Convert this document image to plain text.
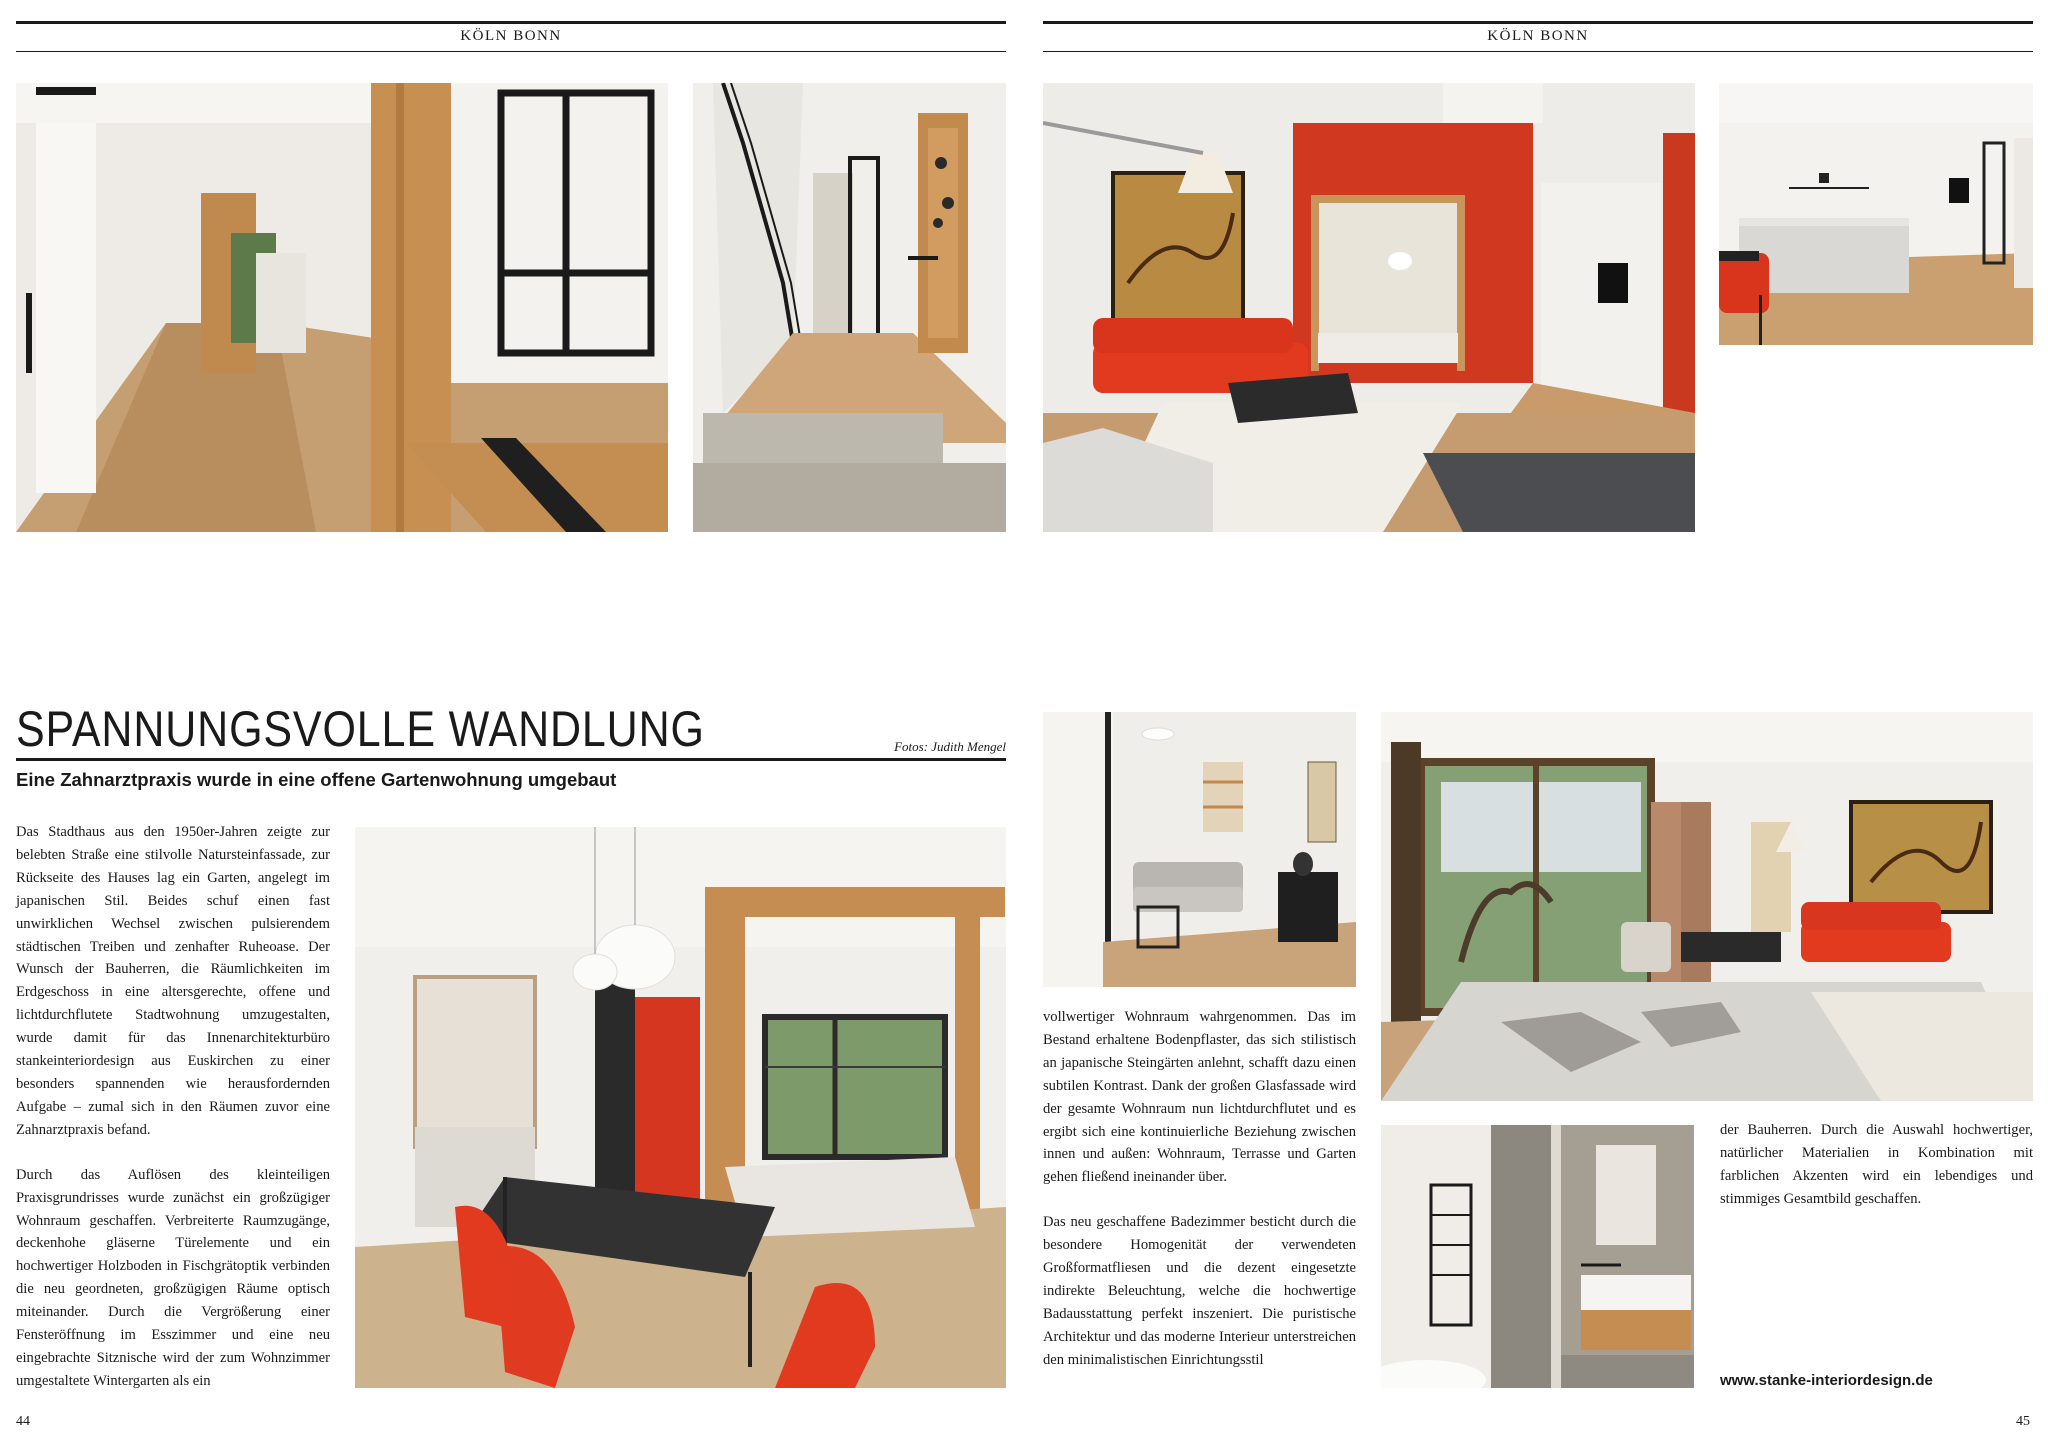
KÖLN BONN	KÖLN BONN
SPANNUNGSVOLLE WANDLUNG	Fotos: Judith Mengel
Eine Zahnarztpraxis wurde in eine offene Gartenwohnung umgebaut

Das Stadthaus aus den 1950er-Jahren zeigte zur belebten Straße eine stilvolle Natursteinfassade, zur Rückseite des Hauses lag ein Garten, angelegt im japanischen Stil. Beides schuf einen fast unwirklichen Wechsel zwischen pulsierendem städtischen Treiben und zenhafter Ruheoase. Der Wunsch der Bauherren, die Räumlichkeiten im Erdgeschoss in eine altersgerechte, offene und lichtdurchflutete Stadtwohnung umzugestalten, wurde damit für das Innenarchitekturbüro stankeinteriordesign aus Euskirchen zu einer besonders spannenden wie herausfordernden Aufgabe – zumal sich in den Räumen zuvor eine Zahnarztpraxis befand.

Durch das Auflösen des kleinteiligen Praxisgrundrisses wurde zunächst ein großzügiger Wohnraum geschaffen. Verbreiterte Raumzugänge, deckenhohe gläserne Türelemente und ein hochwertiger Holzboden in Fischgrätoptik verbinden die neu geordneten, großzügigen Räume optisch miteinander. Durch die Vergrößerung einer Fensteröffnung im Esszimmer und eine neu eingebrachte Sitznische wird der zum Wohnzimmer umgestaltete Wintergarten als ein

vollwertiger Wohnraum wahrgenommen. Das im Bestand erhaltene Bodenpflaster, das sich stilistisch an japanische Steingärten anlehnt, schafft dazu einen subtilen Kontrast. Dank der großen Glasfassade wird der gesamte Wohnraum nun lichtdurchflutet und es ergibt sich eine kontinuierliche Beziehung zwischen innen und außen: Wohnraum, Terrasse und Garten gehen fließend ineinander über.

Das neu geschaffene Badezimmer besticht durch die besondere Homogenität der verwendeten Großformatfliesen und die dezent eingesetzte indirekte Beleuchtung, welche die hochwertige Badausstattung perfekt inszeniert. Die puristische Architektur und das moderne Interieur unterstreichen den minimalistischen Einrichtungsstil

der Bauherren. Durch die Auswahl hochwertiger, natürlicher Materialien in Kombination mit farblichen Akzenten wird ein lebendiges und stimmiges Gesamtbild geschaffen.

www.stanke-interiordesign.de
44	45
